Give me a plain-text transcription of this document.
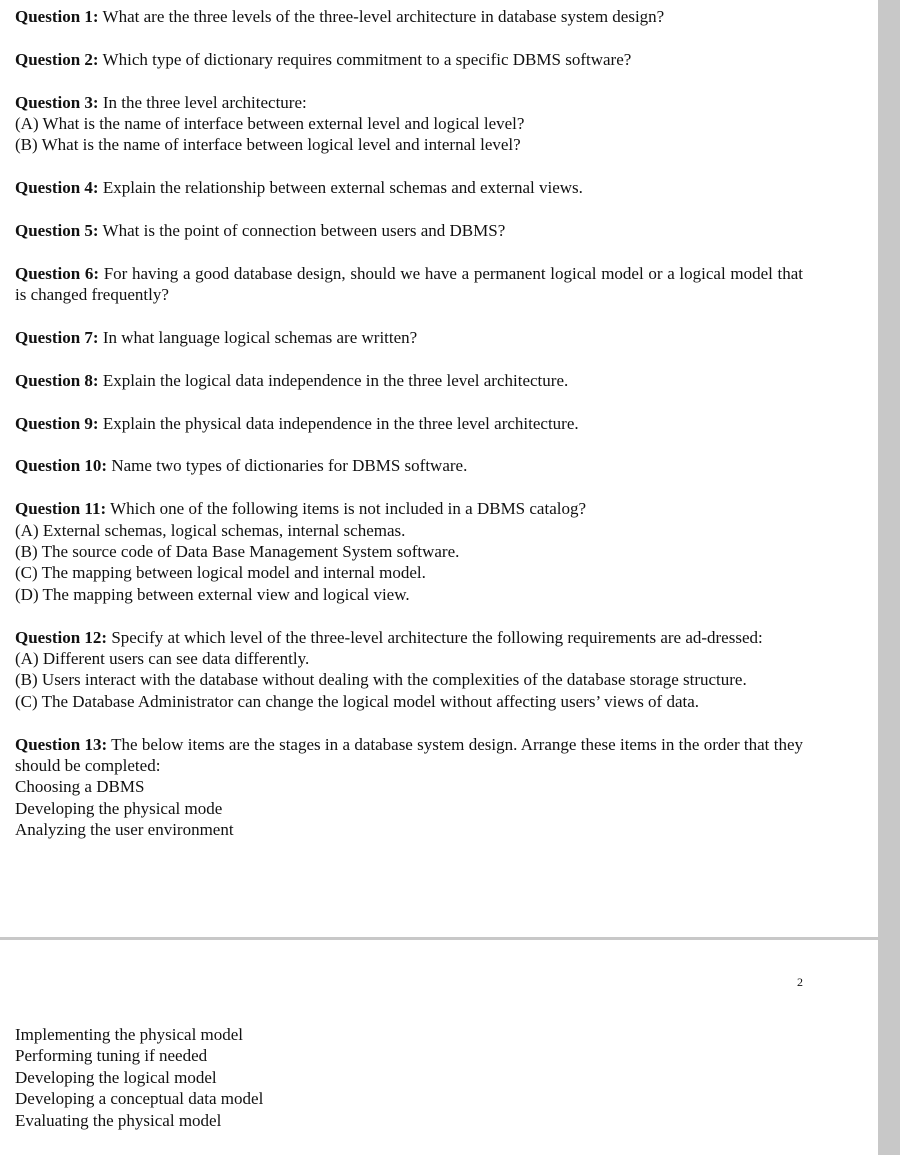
Question 1: What are the three levels of the three-level architecture in database system design?
Question 2: Which type of dictionary requires commitment to a specific DBMS software?
Question 3: In the three level architecture:
(A) What is the name of interface between external level and logical level?
(B) What is the name of interface between logical level and internal level?
Question 4: Explain the relationship between external schemas and external views.
Question 5: What is the point of connection between users and DBMS?
Question 6: For having a good database design, should we have a permanent logical model or a logical model that is changed frequently?
Question 7: In what language logical schemas are written?
Question 8: Explain the logical data independence in the three level architecture.
Question 9: Explain the physical data independence in the three level architecture.
Question 10: Name two types of dictionaries for DBMS software.
Question 11: Which one of the following items is not included in a DBMS catalog?
(A) External schemas, logical schemas, internal schemas.
(B) The source code of Data Base Management System software.
(C) The mapping between logical model and internal model.
(D) The mapping between external view and logical view.
Question 12: Specify at which level of the three-level architecture the following requirements are ad-dressed:
(A) Different users can see data differently.
(B) Users interact with the database without dealing with the complexities of the database storage structure.
(C) The Database Administrator can change the logical model without affecting users’ views of data.
Question 13: The below items are the stages in a database system design. Arrange these items in the order that they should be completed:
Choosing a DBMS
Developing the physical mode
Analyzing the user environment
2
Implementing the physical model
Performing tuning if needed
Developing the logical model
Developing a conceptual data model
Evaluating the physical model
